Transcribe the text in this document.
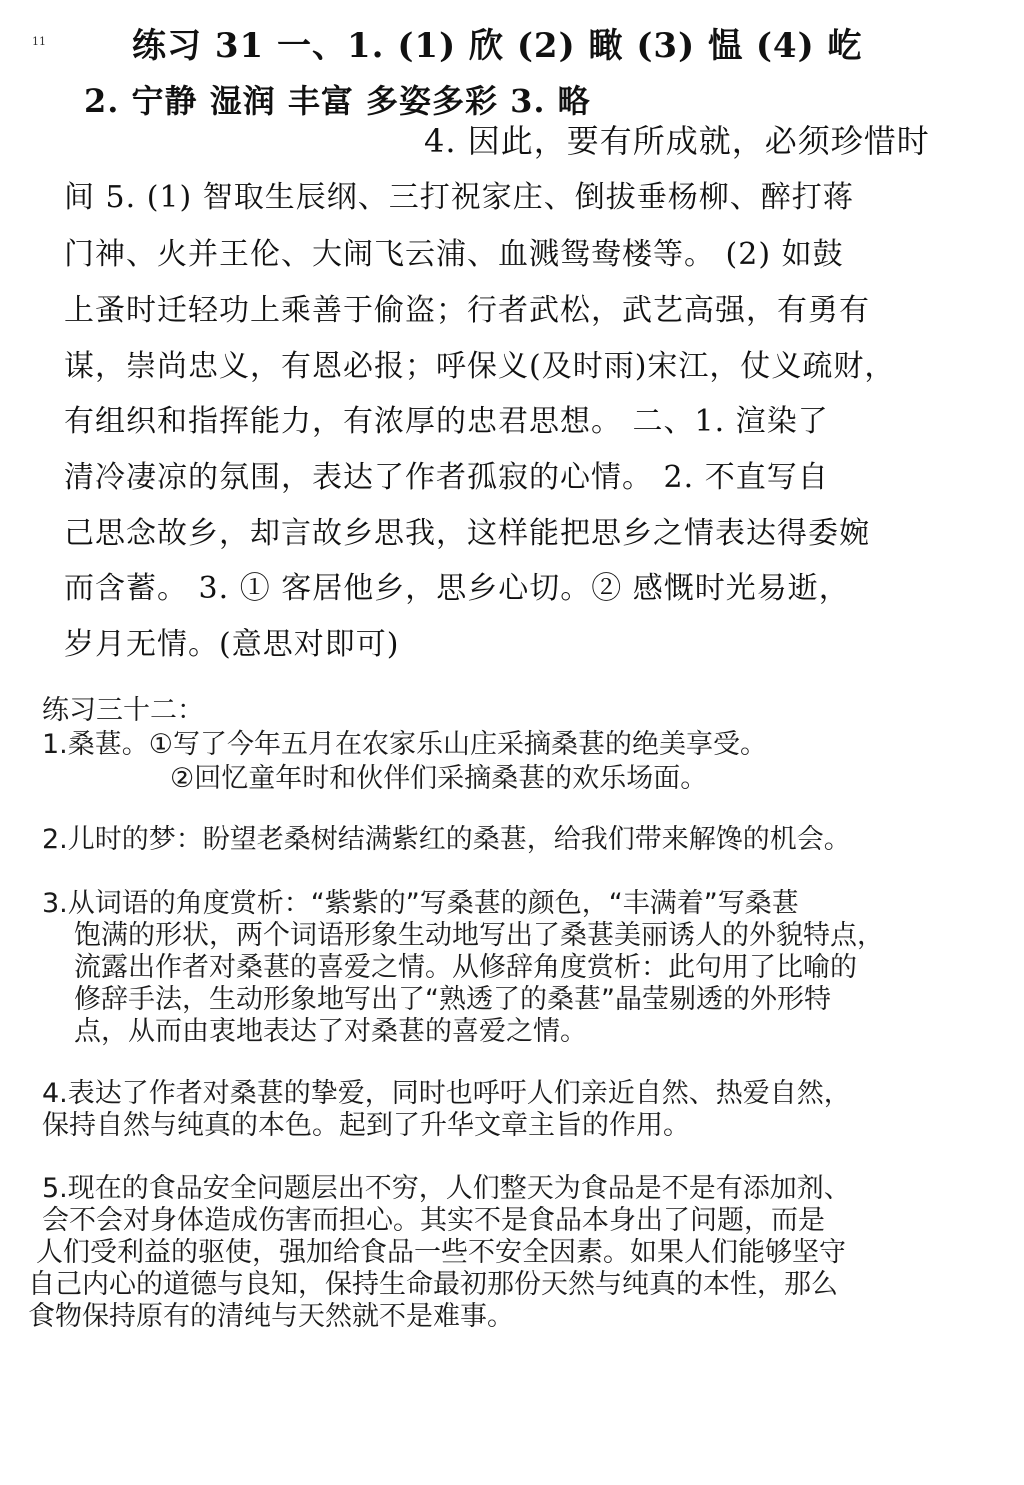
11	练习 31 一、1. (1) 欣 (2) 瞰 (3) 愠 (4) 屹
2. 宁静 湿润 丰富 多姿多彩 3. 略
4. 因此，要有所成就，必须珍惜时
间 5. (1) 智取生辰纲、三打祝家庄、倒拔垂杨柳、醉打蒋
门神、火并王伦、大闹飞云浦、血溅鸳鸯楼等。 (2) 如鼓
上蚤时迁轻功上乘善于偷盗；行者武松，武艺高强，有勇有
谋，崇尚忠义，有恩必报；呼保义(及时雨)宋江，仗义疏财，
有组织和指挥能力，有浓厚的忠君思想。 二、1. 渲染了
清冷凄凉的氛围，表达了作者孤寂的心情。 2. 不直写自
己思念故乡，却言故乡思我，这样能把思乡之情表达得委婉
而含蓄。 3. ① 客居他乡，思乡心切。② 感慨时光易逝，
岁月无情。(意思对即可)
练习三十二：
1.桑葚。①写了今年五月在农家乐山庄采摘桑葚的绝美享受。
②回忆童年时和伙伴们采摘桑葚的欢乐场面。
2.儿时的梦：盼望老桑树结满紫红的桑葚，给我们带来解馋的机会。
3.从词语的角度赏析：“紫紫的”写桑葚的颜色，“丰满着”写桑葚
饱满的形状，两个词语形象生动地写出了桑葚美丽诱人的外貌特点，
流露出作者对桑葚的喜爱之情。从修辞角度赏析：此句用了比喻的
修辞手法，生动形象地写出了“熟透了的桑葚”晶莹剔透的外形特
点，从而由衷地表达了对桑葚的喜爱之情。
4.表达了作者对桑葚的挚爱，同时也呼吁人们亲近自然、热爱自然，
保持自然与纯真的本色。起到了升华文章主旨的作用。
5.现在的食品安全问题层出不穷，人们整天为食品是不是有添加剂、
会不会对身体造成伤害而担心。其实不是食品本身出了问题，而是
人们受利益的驱使，强加给食品一些不安全因素。如果人们能够坚守
自己内心的道德与良知，保持生命最初那份天然与纯真的本性，那么
食物保持原有的清纯与天然就不是难事。
